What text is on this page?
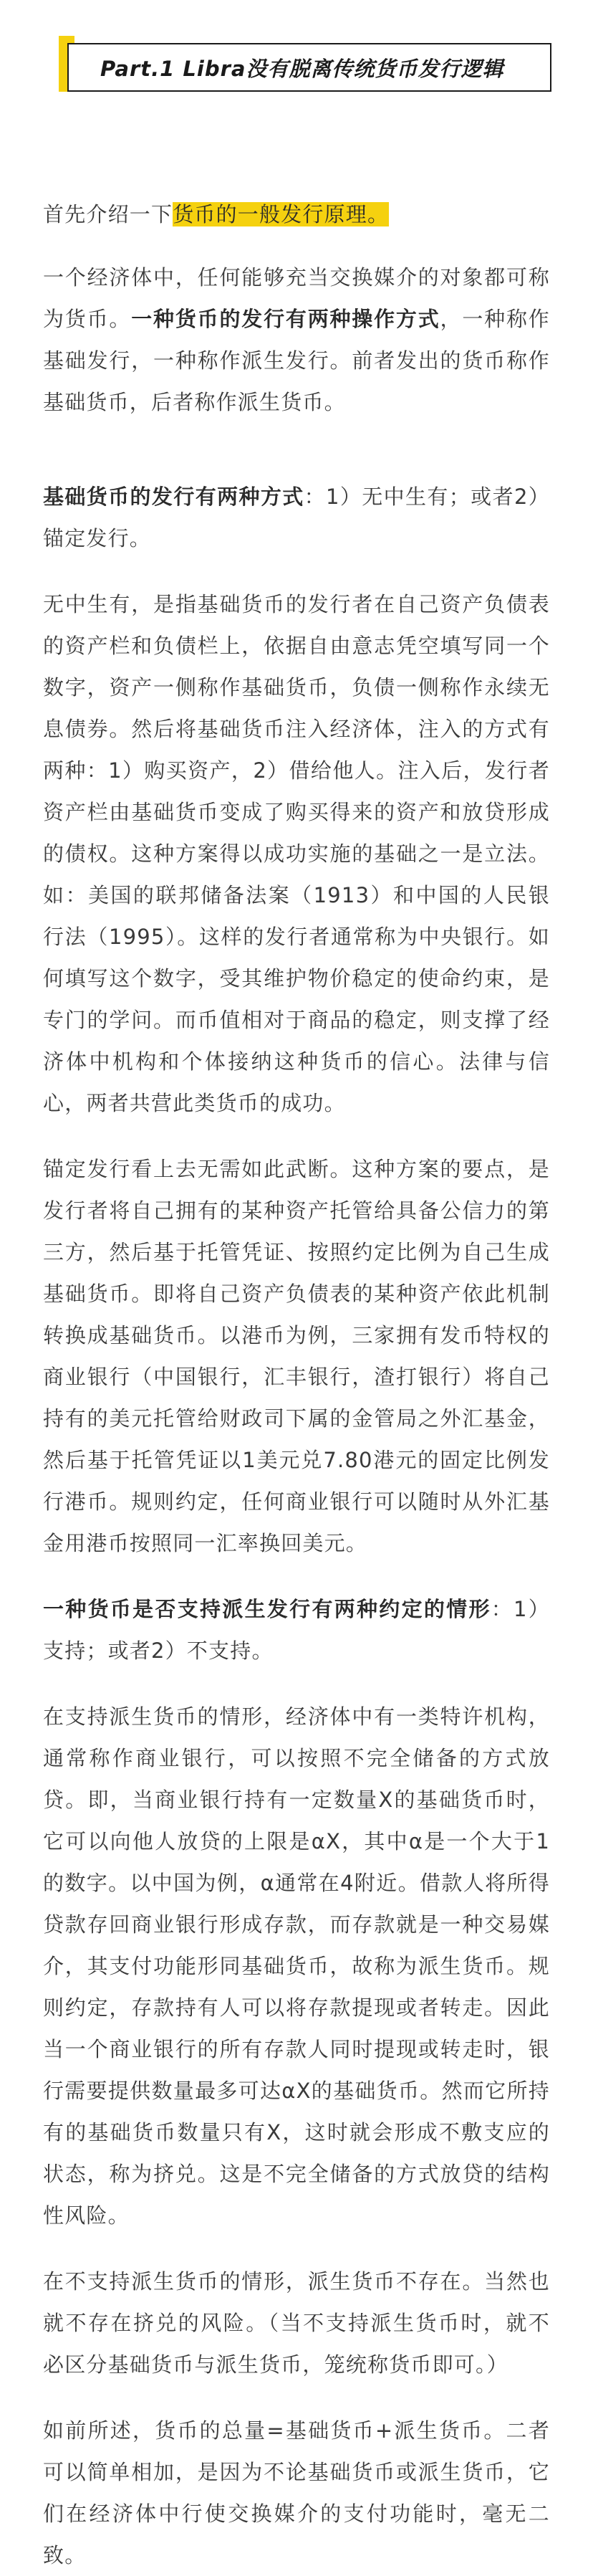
Part.1 Libra没有脱离传统货币发行逻辑

首先介绍一下货币的一般发行原理。

一个经济体中，任何能够充当交换媒介的对象都可称为货币。一种货币的发行有两种操作方式，一种称作基础发行，一种称作派生发行。前者发出的货币称作基础货币，后者称作派生货币。

基础货币的发行有两种方式：1）无中生有；或者2）锚定发行。

无中生有，是指基础货币的发行者在自己资产负债表的资产栏和负债栏上，依据自由意志凭空填写同一个数字，资产一侧称作基础货币，负债一侧称作永续无息债券。然后将基础货币注入经济体，注入的方式有两种：1）购买资产，2）借给他人。注入后，发行者资产栏由基础货币变成了购买得来的资产和放贷形成的债权。这种方案得以成功实施的基础之一是立法。如：美国的联邦储备法案（1913）和中国的人民银行法（1995）。这样的发行者通常称为中央银行。如何填写这个数字，受其维护物价稳定的使命约束，是专门的学问。而币值相对于商品的稳定，则支撑了经济体中机构和个体接纳这种货币的信心。法律与信心，两者共营此类货币的成功。

锚定发行看上去无需如此武断。这种方案的要点，是发行者将自己拥有的某种资产托管给具备公信力的第三方，然后基于托管凭证、按照约定比例为自己生成基础货币。即将自己资产负债表的某种资产依此机制转换成基础货币。以港币为例，三家拥有发币特权的商业银行（中国银行，汇丰银行，渣打银行）将自己持有的美元托管给财政司下属的金管局之外汇基金，然后基于托管凭证以1美元兑7.80港元的固定比例发行港币。规则约定，任何商业银行可以随时从外汇基金用港币按照同一汇率换回美元。

一种货币是否支持派生发行有两种约定的情形：1）支持；或者2）不支持。

在支持派生货币的情形，经济体中有一类特许机构，通常称作商业银行，可以按照不完全储备的方式放贷。即，当商业银行持有一定数量X的基础货币时，它可以向他人放贷的上限是αX，其中α是一个大于1的数字。以中国为例，α通常在4附近。借款人将所得贷款存回商业银行形成存款，而存款就是一种交易媒介，其支付功能形同基础货币，故称为派生货币。规则约定，存款持有人可以将存款提现或者转走。因此当一个商业银行的所有存款人同时提现或转走时，银行需要提供数量最多可达αX的基础货币。然而它所持有的基础货币数量只有X，这时就会形成不敷支应的状态，称为挤兑。这是不完全储备的方式放贷的结构性风险。

在不支持派生货币的情形，派生货币不存在。当然也就不存在挤兑的风险。（当不支持派生货币时，就不必区分基础货币与派生货币，笼统称货币即可。）

如前所述，货币的总量=基础货币+派生货币。二者可以简单相加，是因为不论基础货币或派生货币，它们在经济体中行使交换媒介的支付功能时，毫无二致。
